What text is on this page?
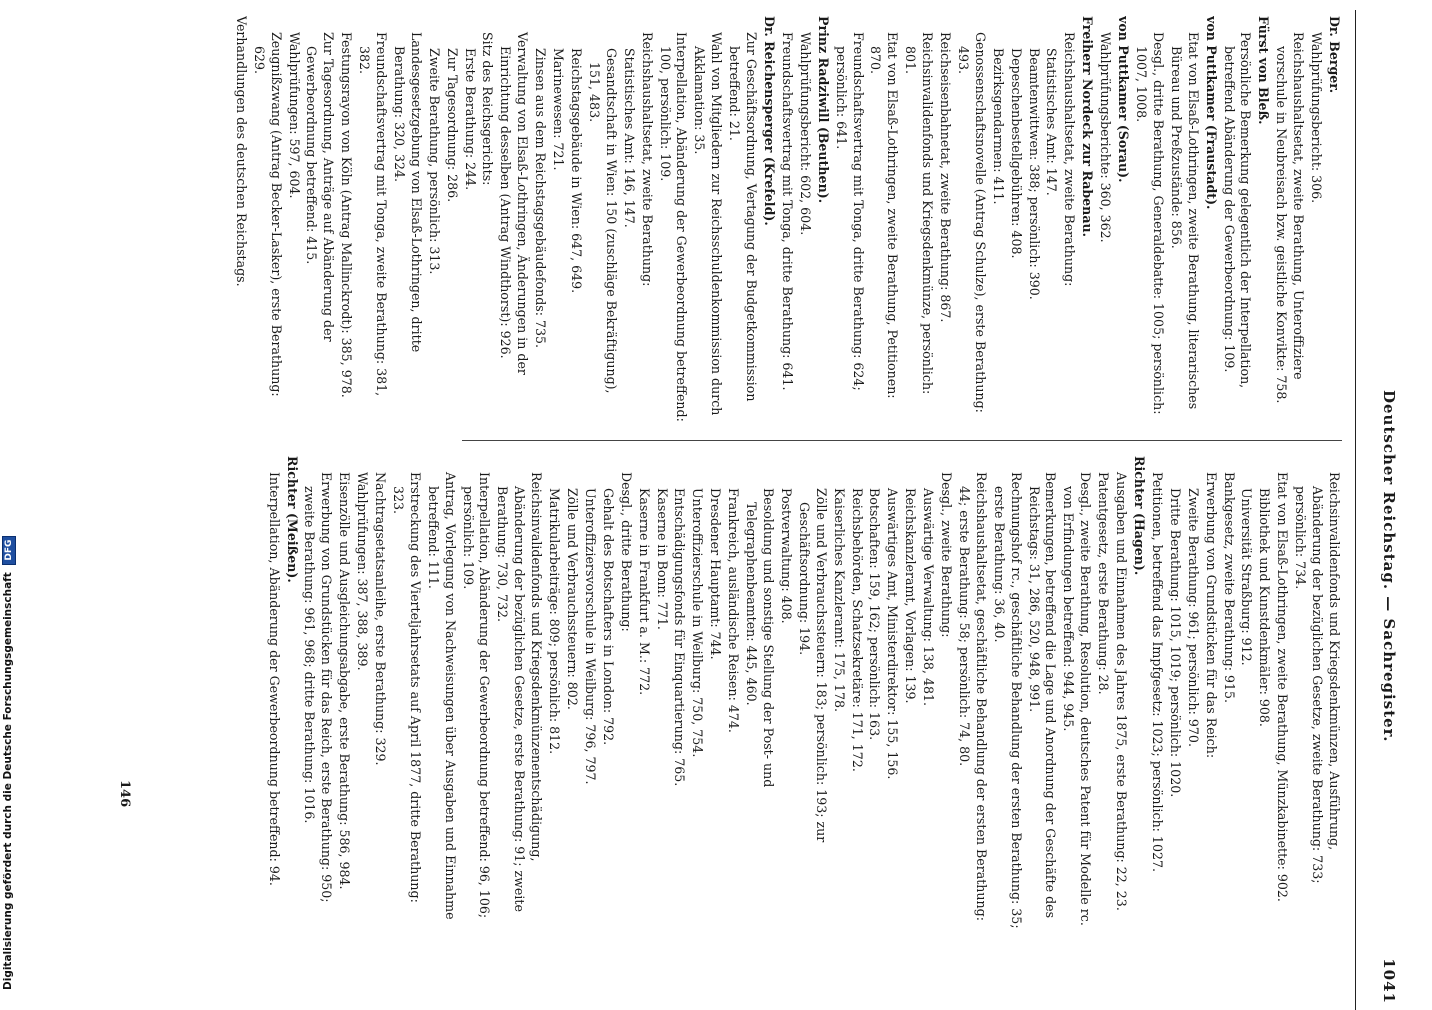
Deutscher Reichstag. — Sachregister.
1041

Dr. Berger.

Wahlprüfungsbericht: 306.

Reichshaushaltsetat, zweite Berathung, Unteroffiziere vorschule in Neubreisach bzw. geistliche Konvikte: 758.

Fürst von Bleß.

Persönliche Bemerkung gelegentlich der Interpellation, betreffend Abänderung der Gewerbeordnung: 109.

von Puttkamer (Fraustadt).

Etat von Elsaß-Lothringen, zweite Berathung, literarisches Büreau und Preßzustände: 856.

Desgl., dritte Berathung, Generaldebatte: 1005; persönlich: 1007, 1008.

von Puttkamer (Sorau).

Wahlprüfungsberichte: 360, 362.

Freiherr Nordeck zur Rabenau.

Reichshaushaltsetat, zweite Berathung:

Statistisches Amt: 147.

Beamtenwittwen: 388; persönlich: 390.

Depeschenbestellgebühren: 408.

Bezirksgendarmen: 411.

Genossenschaftsnovelle (Antrag Schulze), erste Berathung: 493.

Reichseisenbahnetat, zweite Berathung: 867.

Reichsinvalidenfonds und Kriegsdenkmünze, persönlich: 801.

Etat von Elsaß-Lothringen, zweite Berathung, Petitionen: 870.

Freundschaftsvertrag mit Tonga, dritte Berathung: 624; persönlich: 641.

Prinz Radziwill (Beuthen).

Wahlprüfungsbericht: 602, 604.

Freundschaftsvertrag mit Tonga, dritte Berathung: 641.

Dr. Reichensperger (Krefeld).

Zur Geschäftsordnung, Vertagung der Budgetkommission betreffend: 21.

Wahl von Mitgliedern zur Reichsschuldenkommission durch Akklamation: 35.

Interpellation, Abänderung der Gewerbeordnung betreffend: 100, persönlich: 109.

Reichshaushaltsetat, zweite Berathung:

Statistisches Amt: 146, 147.

Gesandtschaft in Wien: 150 (zuschläge Bekräftigung), 151, 483.

Reichstagsgebäude in Wien: 647, 649.

Marinewesen: 721.

Zinsen aus dem Reichstagsgebäudefonds: 735.

Verwaltung von Elsaß-Lothringen, Änderungen in der Einrichtung desselben (Antrag Windthorst): 926.

Sitz des Reichsgerichts:

Erste Berathung: 244.

Zur Tagesordnung: 286.

Zweite Berathung, persönlich: 313.

Landesgesetzgebung von Elsaß-Lothringen, dritte Berathung: 320, 324.

Freundschaftsvertrag mit Tonga, zweite Berathung: 381, 382.

Festungsrayon von Köln (Antrag Mallinckrodt): 385, 978.

Zur Tagesordnung, Anträge auf Abänderung der Gewerbeordnung betreffend: 415.

Wahlprüfungen: 597, 604.

Zeugnißzwang (Antrag Becker-Lasker), erste Berathung: 629.

Verhandlungen des deutschen Reichstags.

Reichsinvalidenfonds und Kriegsdenkmünzen, Ausführung, Abänderung der bezüglichen Gesetze, zweite Berathung: 733; persönlich: 734.

Etat von Elsaß-Lothringen, zweite Berathung, Münzkabinette: 902.

Bibliothek und Kunstdenkmäler: 908.

Universität Straßburg: 912.

Bankgesetz, zweite Berathung: 915.

Erwerbung von Grundstücken für das Reich:

Zweite Berathung: 961; persönlich: 970.

Dritte Berathung: 1015, 1019; persönlich: 1020.

Petitionen, betreffend das Impfgesetz: 1023; persönlich: 1027.

Richter (Hagen).

Ausgaben und Einnahmen des Jahres 1875, erste Berathung: 22, 23.

Patentgesetz, erste Berathung: 28.

Desgl., zweite Berathung, Resolution, deutsches Patent für Modelle rc. von Erfindungen betreffend: 944, 945.

Bemerkungen, betreffend die Lage und Anordnung der Geschäfte des Reichstags: 31, 286, 520, 948, 991.

Rechnungshof rc., geschäftliche Behandlung der ersten Berathung: 35; erste Berathung: 36, 40.

Reichshaushaltsetat, geschäftliche Behandlung der ersten Berathung: 44; erste Berathung: 58; persönlich: 74, 80.

Desgl., zweite Berathung:

Auswärtige Verwaltung: 138, 481.

Reichskanzleramt, Vorlagen: 139.

Auswärtiges Amt, Ministerdirektor: 155, 156.

Botschaften: 159, 162; persönlich: 163.

Reichsbehörden, Schatzsekretäre: 171, 172.

Kaiserliches Kanzleramt: 175, 178.

Zölle und Verbrauchssteuern: 183; persönlich: 193; zur Geschäftsordnung: 194.

Postverwaltung: 408.

Besoldung und sonstige Stellung der Post- und Telegraphenbeamten: 445, 460.

Frankreich, ausländische Reisen: 474.

Dresdener Hauptamt: 744.

Unteroffizierschule in Weilburg: 750, 754.

Entschädigungsfonds für Einquartierung: 765.

Kaserne in Bonn: 771.

Kaserne in Frankfurt a. M.: 772.

Desgl., dritte Berathung:

Gehalt des Botschafters in London: 792.

Unteroffiziersvorschule in Weilburg: 796, 797.

Zölle und Verbrauchssteuern: 802.

Matrikularbeiträge: 809; persönlich: 812.

Reichsinvalidenfonds und Kriegsdenkmünzenentschädigung, Abänderung der bezüglichen Gesetze, erste Berathung: 91; zweite Berathung: 730, 732.

Interpellation, Abänderung der Gewerbeordnung betreffend: 96, 106; persönlich: 109.

Antrag, Vorlegung von Nachweisungen über Ausgaben und Einnahme betreffend: 111.

Erstreckung des Vierteljahrsetats auf April 1877, dritte Berathung: 323.

Nachtragsetatsanleihe, erste Berathung: 329.

Wahlprüfungen: 387, 388, 389.

Eisenzölle und Ausgleichungsabgabe, erste Berathung: 586, 984.

Erwerbung von Grundstücken für das Reich, erste Berathung: 950; zweite Berathung: 961, 968; dritte Berathung: 1016.

Richter (Meißen).

Interpellation, Abänderung der Gewerbeordnung betreffend: 94.

146
Digitalisierung gefördert durch die Deutsche Forschungsgemeinschaft DFG
